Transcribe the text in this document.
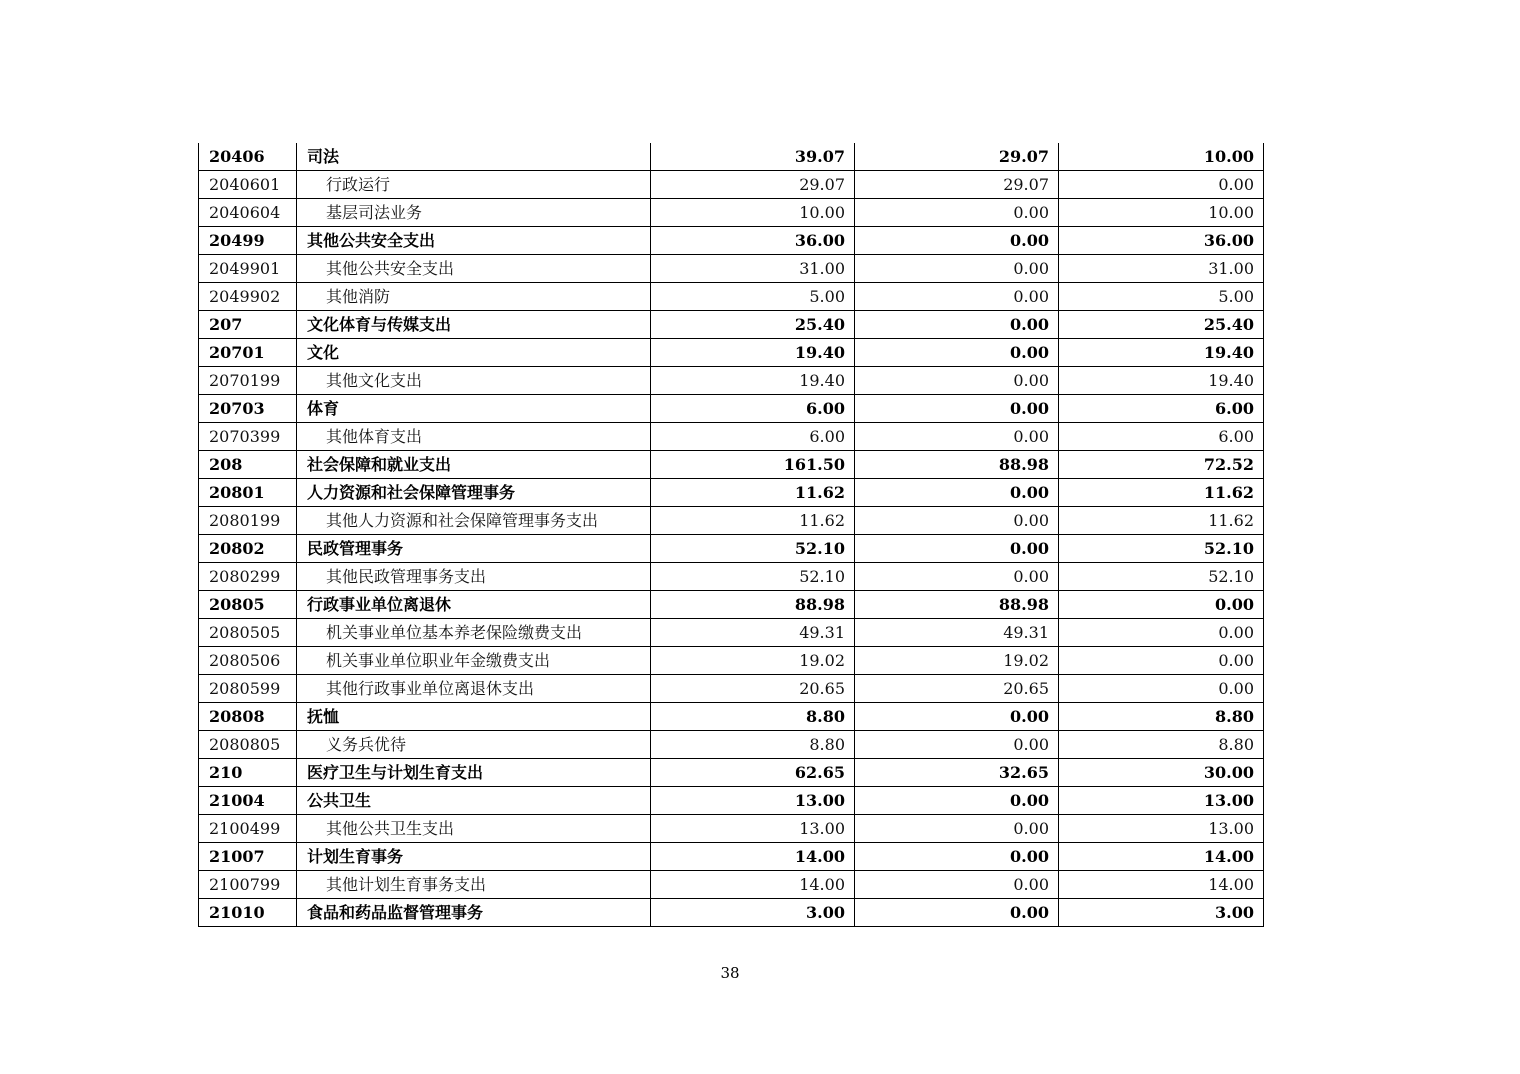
20406	司法	39.07	29.07	10.00
2040601	行政运行	29.07	29.07	0.00
2040604	基层司法业务	10.00	0.00	10.00
20499	其他公共安全支出	36.00	0.00	36.00
2049901	其他公共安全支出	31.00	0.00	31.00
2049902	其他消防	5.00	0.00	5.00
207	文化体育与传媒支出	25.40	0.00	25.40
20701	文化	19.40	0.00	19.40
2070199	其他文化支出	19.40	0.00	19.40
20703	体育	6.00	0.00	6.00
2070399	其他体育支出	6.00	0.00	6.00
208	社会保障和就业支出	161.50	88.98	72.52
20801	人力资源和社会保障管理事务	11.62	0.00	11.62
2080199	其他人力资源和社会保障管理事务支出	11.62	0.00	11.62
20802	民政管理事务	52.10	0.00	52.10
2080299	其他民政管理事务支出	52.10	0.00	52.10
20805	行政事业单位离退休	88.98	88.98	0.00
2080505	机关事业单位基本养老保险缴费支出	49.31	49.31	0.00
2080506	机关事业单位职业年金缴费支出	19.02	19.02	0.00
2080599	其他行政事业单位离退休支出	20.65	20.65	0.00
20808	抚恤	8.80	0.00	8.80
2080805	义务兵优待	8.80	0.00	8.80
210	医疗卫生与计划生育支出	62.65	32.65	30.00
21004	公共卫生	13.00	0.00	13.00
2100499	其他公共卫生支出	13.00	0.00	13.00
21007	计划生育事务	14.00	0.00	14.00
2100799	其他计划生育事务支出	14.00	0.00	14.00
21010	食品和药品监督管理事务	3.00	0.00	3.00
38
